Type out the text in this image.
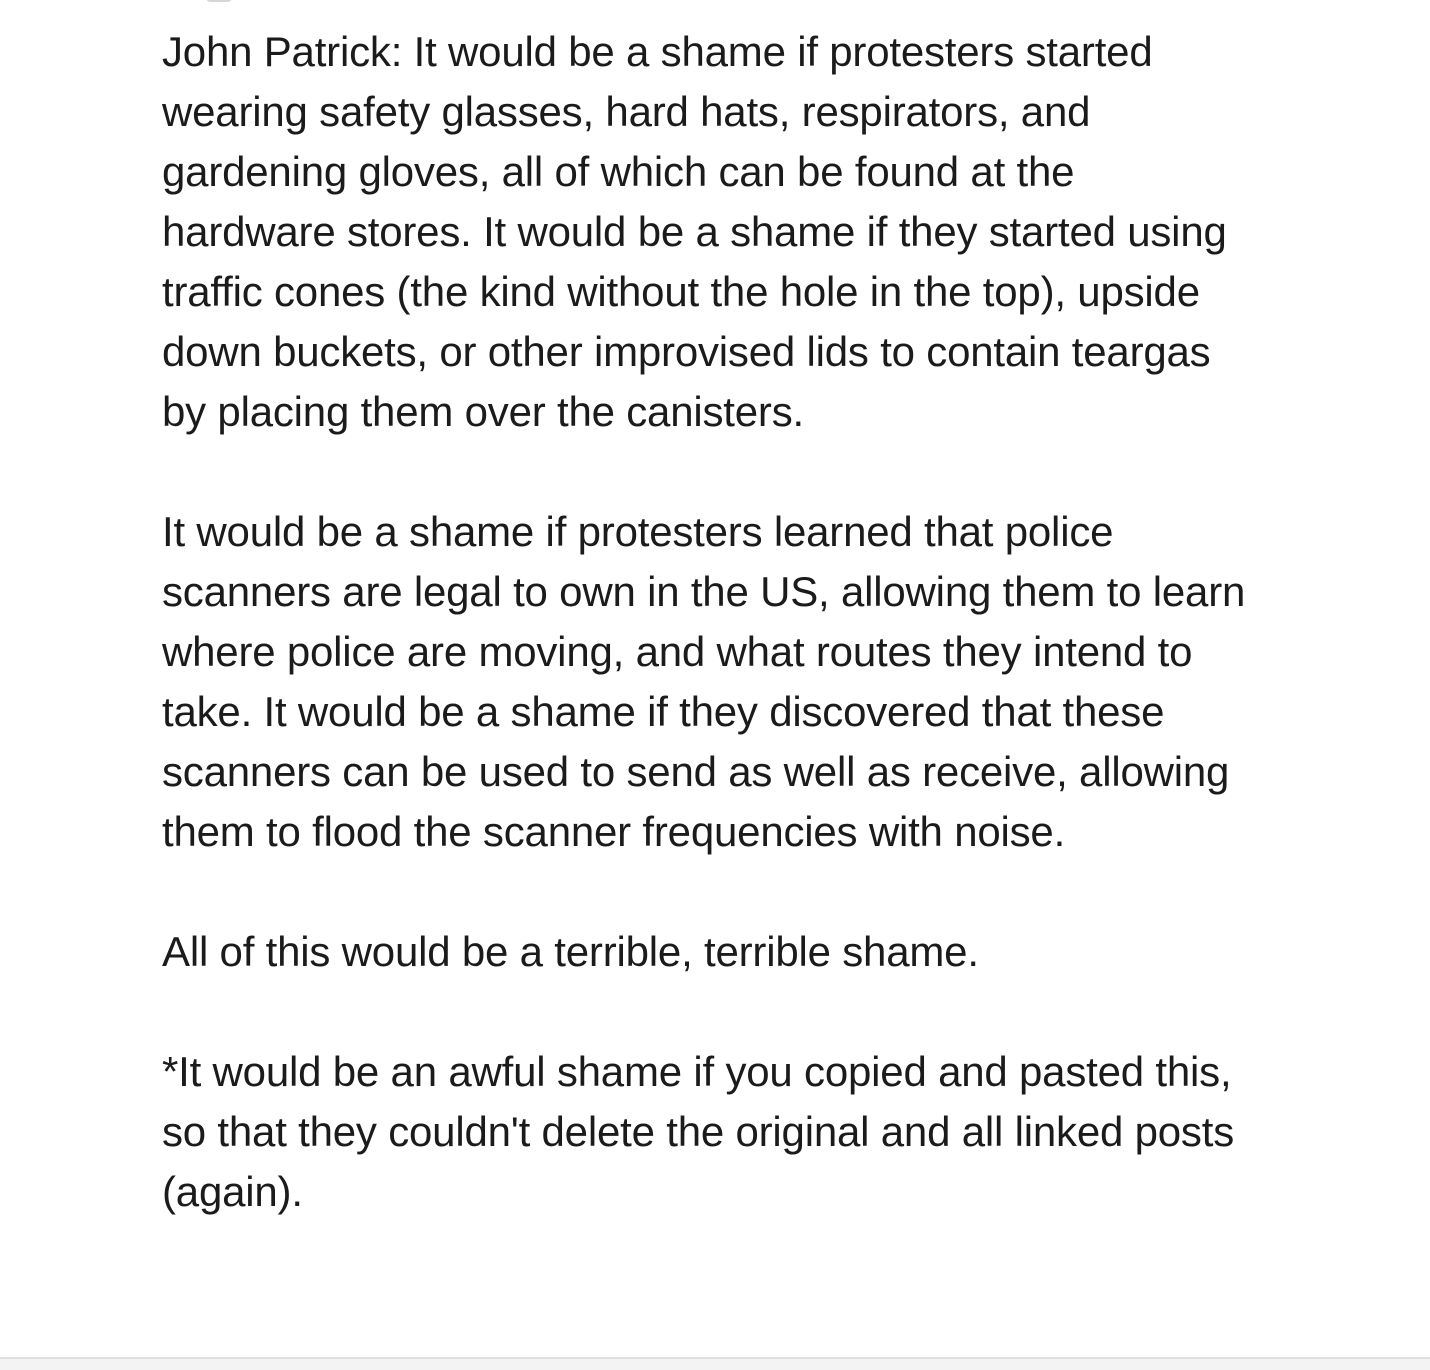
John Patrick: It would be a shame if protesters started wearing safety glasses, hard hats, respirators, and gardening gloves, all of which can be found at the hardware stores. It would be a shame if they started using traffic cones (the kind without the hole in the top), upside down buckets, or other improvised lids to contain teargas by placing them over the canisters.

It would be a shame if protesters learned that police scanners are legal to own in the US, allowing them to learn where police are moving, and what routes they intend to take. It would be a shame if they discovered that these scanners can be used to send as well as receive, allowing them to flood the scanner frequencies with noise.

All of this would be a terrible, terrible shame.

*It would be an awful shame if you copied and pasted this, so that they couldn't delete the original and all linked posts (again).
